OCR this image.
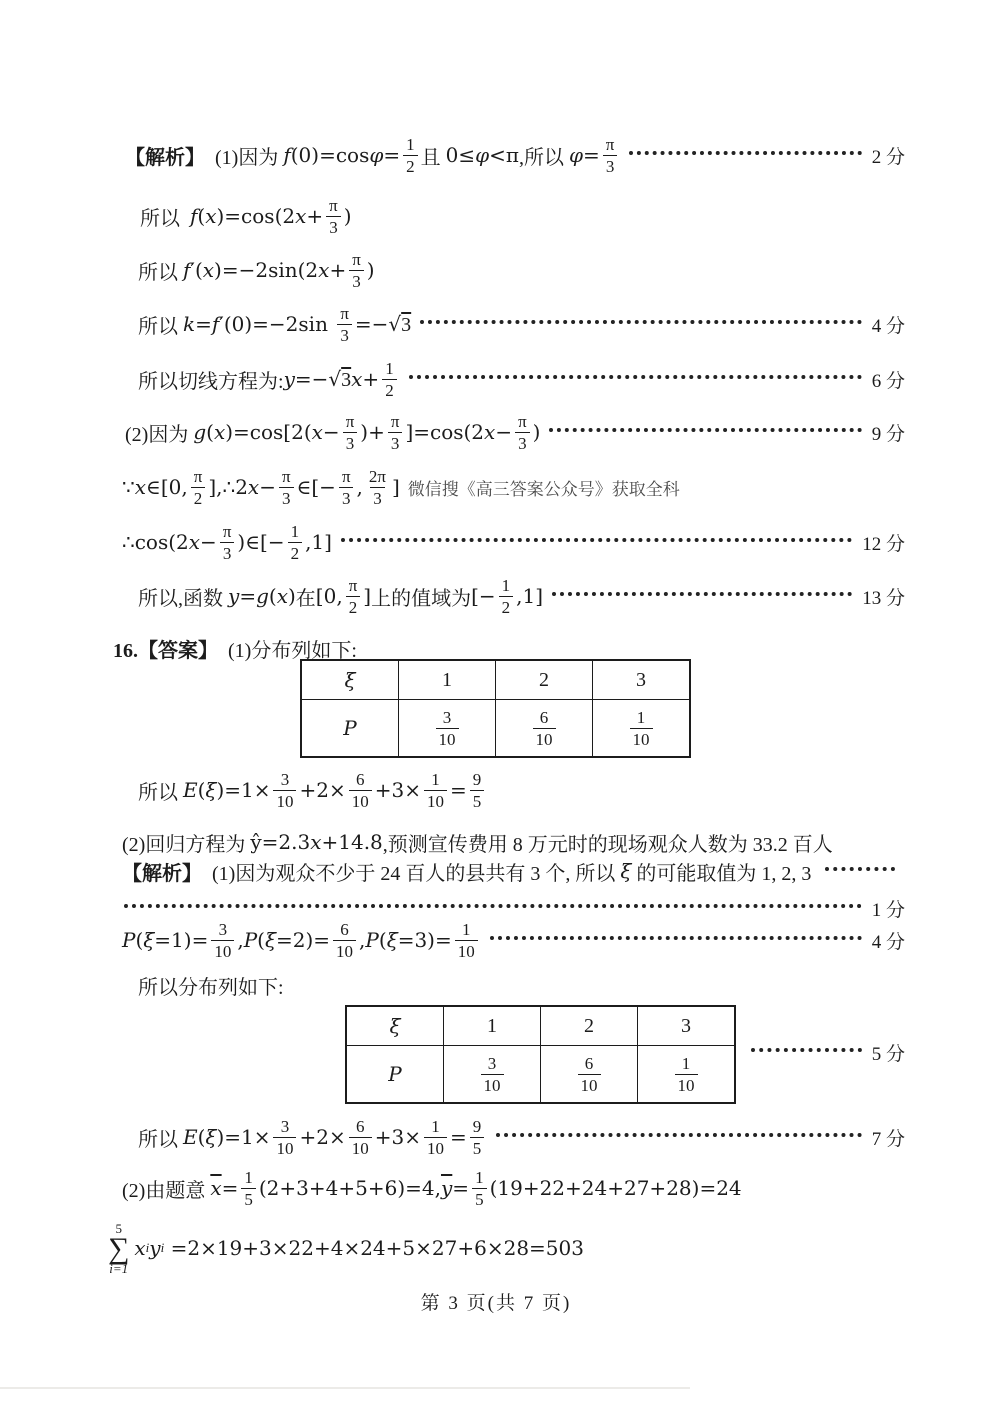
【解析】 (1)因为 f (0)=cos $\varphi = \frac{1}{2}$ 且 0≤ φ <π ,所以 $\varphi = \frac{\pi}{3}$	2 分
所以 f ( x )=cos(2 $x + \frac{\pi}{3}$ )
所以 f ′( x )=−2sin(2 $x + \frac{\pi}{3}$ )
所以 k = f $'(0)=-2\sin \frac{\pi}{3}$ =− √ 3	4 分
所以切线方程为: y =− √ 3 $x + \frac{1}{2}$	6 分
(2)因为 g ( x )=cos[2( $x - \frac{\pi}{3}$ )+ $\frac{\pi}{3} ]=\cos(2$ $x - \frac{\pi}{3}$ )	9 分
∵ x ∈[0, $\frac{\pi}{2}$ ],∴2 $x - \frac{\pi}{3}$ ∈[− $\frac{\pi}{3}$ , $\frac{2\pi}{3}$ ] 微信搜《高三答案公众号》获取全科
∴cos(2 $x - \frac{\pi}{3}$ )∈[− $\frac{1}{2} ,1$]	12 分
所以,函数 y = g ( x ) 在 [0, $\frac{\pi}{2}$ ] 上的值域为 [− $\frac{1}{2} ,1$]	13 分
16.【答案】 (1)分布列如下:
ξ	1	2	3
P	$\frac{3}{10}$	$\frac{6}{10}$	$\frac{1}{10}$
所以 E ( ξ )$=1\times \frac{3}{10} +2\times \frac{6}{10} +3\times \frac{1}{10} = \frac{9}{5}$
(2)回归方程为 ŷ=2.3 x +14.8 ,预测宣传费用 8 万元时的现场观众人数为 33.2 百人
【解析】 (1)因为观众不少于 24 百人的县共有 3 个, 所以 ξ 的可能取值为 1, 2, 3
1 分
P ( $\xi =1)= \frac{3}{10}$ , P ( $\xi =2)= \frac{6}{10}$ , P ( $\xi =3)= \frac{1}{10}$	4 分
所以分布列如下:
ξ	1	2	3
P	$\frac{3}{10}$	$\frac{6}{10}$	$\frac{1}{10}$
5 分
所以 E ( ξ )$=1\times \frac{3}{10} +2\times \frac{6}{10} +3\times \frac{1}{10} = \frac{9}{5}$	7 分
(2)由题意 $\overline{x} = \frac{1}{5} (2+3+4+5+6)=4$, $\overline{y} = \frac{1}{5} (19+22+24+27+28)=24$
5
∑
i=1
x i y i =2×19+3×22+4×24+5×27+6×28=503
第 3 页(共 7 页)
